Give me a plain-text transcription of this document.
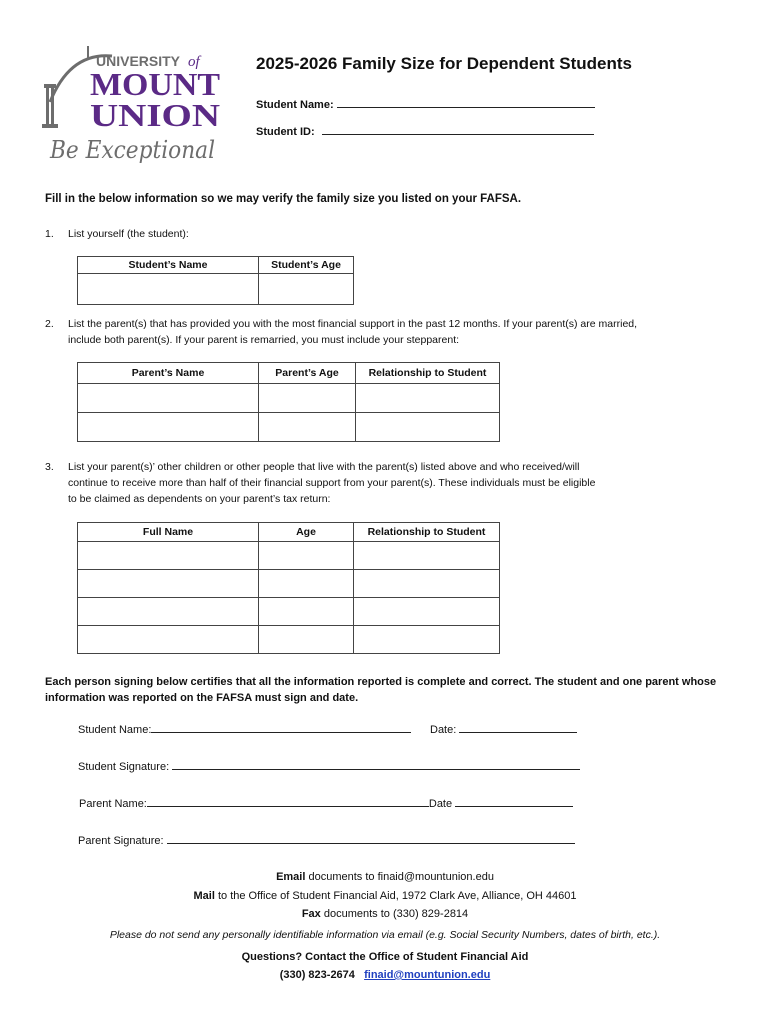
UNIVERSITY of
MOUNT
UNION
Be Exceptional
2025-2026 Family Size for Dependent Students
Student Name:
Student ID:
Fill in the below information so we may verify the family size you listed on your FAFSA.
1. List yourself (the student):
Student’s Name	Student’s Age

2. List the parent(s) that has provided you with the most financial support in the past 12 months. If your parent(s) are married,
include both parent(s). If your parent is remarried, you must include your stepparent:
Parent’s Name	Parent’s Age	Relationship to Student

3. List your parent(s)’ other children or other people that live with the parent(s) listed above and who received/will
continue to receive more than half of their financial support from your parent(s). These individuals must be eligible
to be claimed as dependents on your parent’s tax return:
Full Name	Age	Relationship to Student

Each person signing below certifies that all the information reported is complete and correct. The student and one parent whose information was reported on the FAFSA must sign and date.
Student Name:	Date:
Student Signature:
Parent Name:	Date
Parent Signature:
Email documents to finaid@mountunion.edu
Mail to the Office of Student Financial Aid, 1972 Clark Ave, Alliance, OH 44601
Fax documents to (330) 829-2814
Please do not send any personally identifiable information via email (e.g. Social Security Numbers, dates of birth, etc.).
Questions? Contact the Office of Student Financial Aid
(330) 823-2674 finaid@mountunion.edu
